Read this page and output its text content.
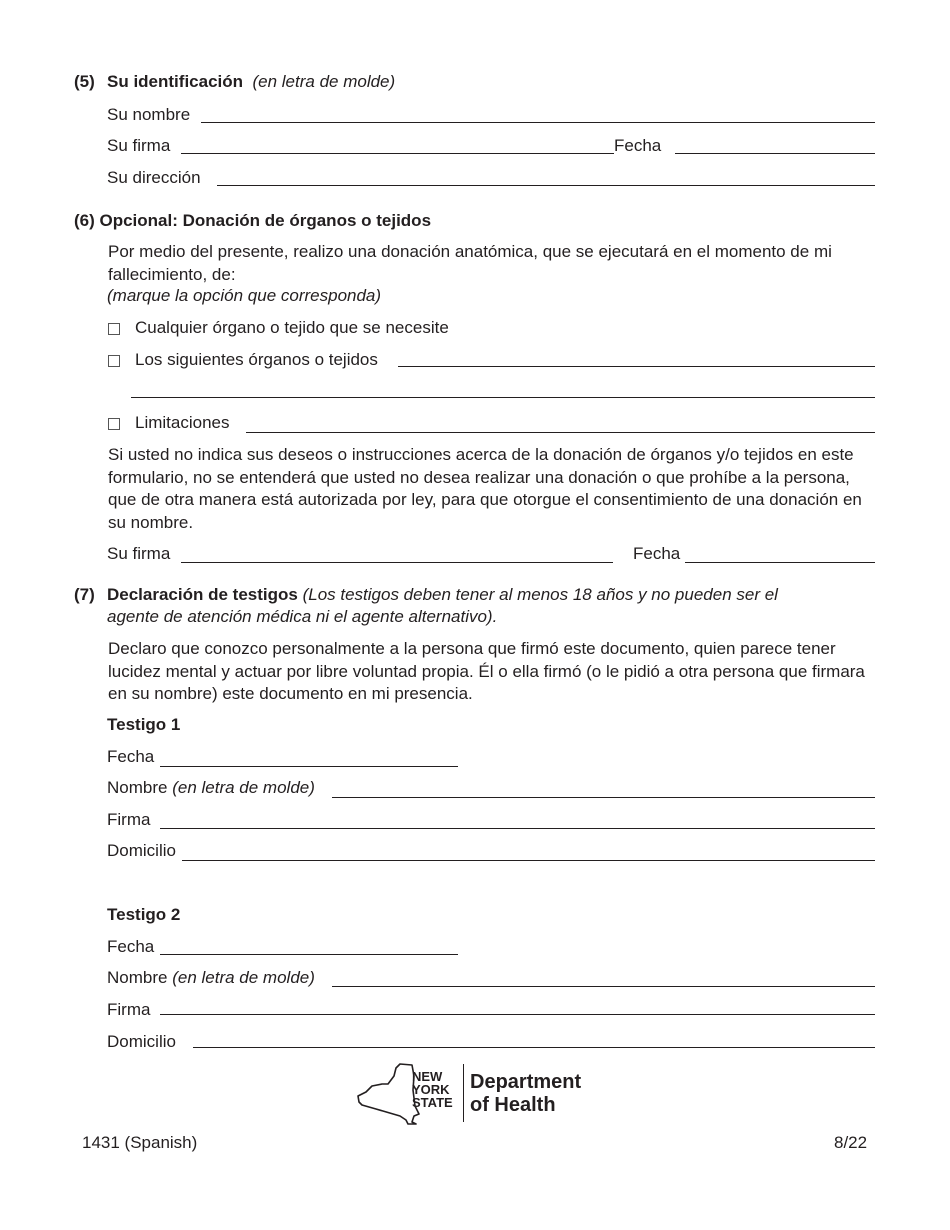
(5) Su identificación (en letra de molde)
Su nombre
Su firma	Fecha
Su dirección
(6) Opcional: Donación de órganos o tejidos
Por medio del presente, realizo una donación anatómica, que se ejecutará en el momento de mi fallecimiento, de:
(marque la opción que corresponda)
Cualquier órgano o tejido que se necesite
Los siguientes órganos o tejidos
Limitaciones
Si usted no indica sus deseos o instrucciones acerca de la donación de órganos y/o tejidos en este formulario, no se entenderá que usted no desea realizar una donación o que prohíbe a la persona, que de otra manera está autorizada por ley, para que otorgue el consentimiento de una donación en su nombre.
Su firma	Fecha
(7) Declaración de testigos (Los testigos deben tener al menos 18 años y no pueden ser el
agente de atención médica ni el agente alternativo).
Declaro que conozco personalmente a la persona que firmó este documento, quien parece tener lucidez mental y actuar por libre voluntad propia. Él o ella firmó (o le pidió a otra persona que firmara en su nombre) este documento en mi presencia.
Testigo 1
Fecha
Nombre (en letra de molde)
Firma
Domicilio
Testigo 2
Fecha
Nombre (en letra de molde)
Firma
Domicilio
NEW
YORK
STATE
Department
of Health
1431 (Spanish)	8/22
